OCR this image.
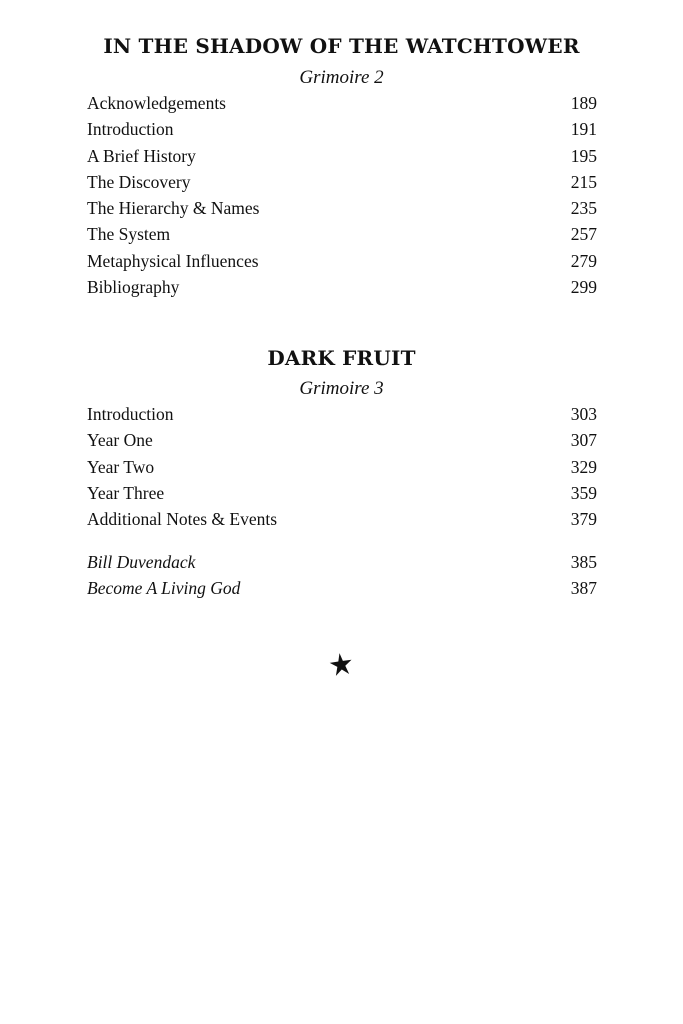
IN THE SHADOW OF THE WATCHTOWER
Grimoire 2
Acknowledgements	189
Introduction	191
A Brief History	195
The Discovery	215
The Hierarchy & Names	235
The System	257
Metaphysical Influences	279
Bibliography	299
DARK FRUIT
Grimoire 3
Introduction	303
Year One	307
Year Two	329
Year Three	359
Additional Notes & Events	379
Bill Duvendack	385
Become A Living God	387
